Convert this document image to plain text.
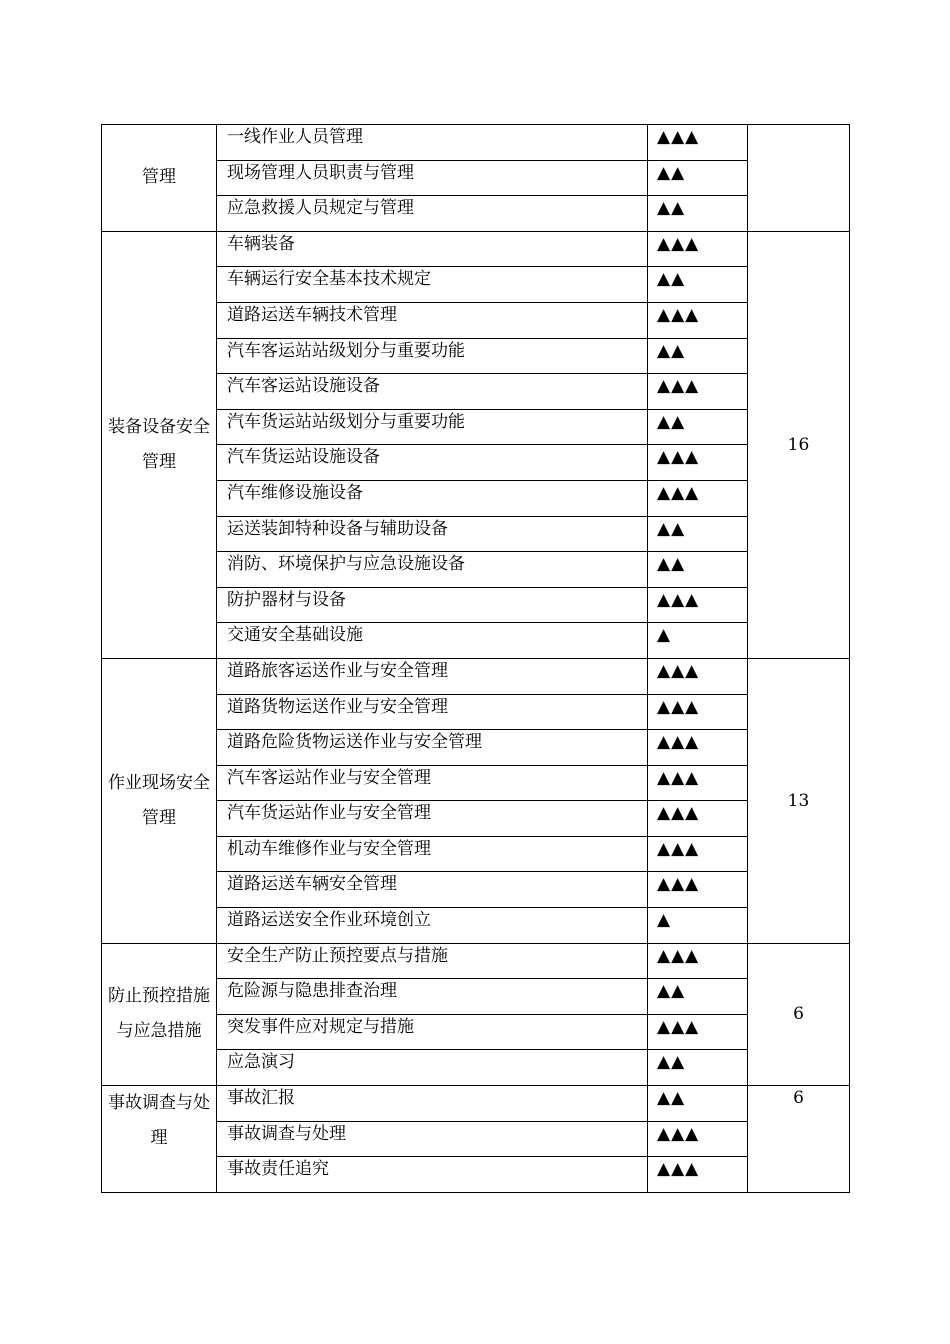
管理	一线作业人员管理	▲▲▲	

	现场管理人员职责与管理	▲▲	

	应急救援人员规定与管理	▲▲	

装备设备安全管理	车辆装备	▲▲▲	16

	车辆运行安全基本技术规定	▲▲	

	道路运送车辆技术管理	▲▲▲	

	汽车客运站站级划分与重要功能	▲▲	

	汽车客运站设施设备	▲▲▲	

	汽车货运站站级划分与重要功能	▲▲	

	汽车货运站设施设备	▲▲▲	

	汽车维修设施设备	▲▲▲	

	运送装卸特种设备与辅助设备	▲▲	

	消防、环境保护与应急设施设备	▲▲	

	防护器材与设备	▲▲▲	

	交通安全基础设施	▲	

作业现场安全管理	道路旅客运送作业与安全管理	▲▲▲	13

	道路货物运送作业与安全管理	▲▲▲	

	道路危险货物运送作业与安全管理	▲▲▲	

	汽车客运站作业与安全管理	▲▲▲	

	汽车货运站作业与安全管理	▲▲▲	

	机动车维修作业与安全管理	▲▲▲	

	道路运送车辆安全管理	▲▲▲	

	道路运送安全作业环境创立	▲	

防止预控措施与应急措施	安全生产防止预控要点与措施	▲▲▲	6

	危险源与隐患排查治理	▲▲	

	突发事件应对规定与措施	▲▲▲	

	应急演习	▲▲	

事故调查与处理	事故汇报	▲▲	6

	事故调查与处理	▲▲▲	

	事故责任追究	▲▲▲	
